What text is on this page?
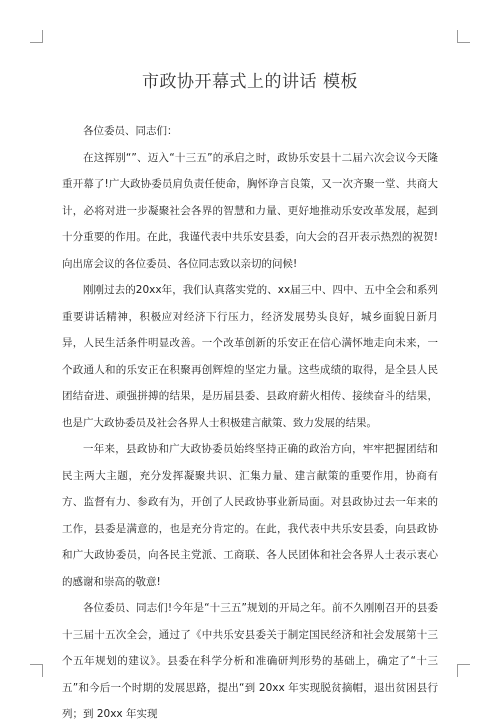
市政协开幕式上的讲话 模板

各位委员、同志们：

在这挥别“”、迈入“十三五”的承启之时，政协乐安县十二届六次会议今天隆重开幕了!广大政协委员肩负责任使命，胸怀诤言良策，又一次齐聚一堂、共商大计，必将对进一步凝聚社会各界的智慧和力量、更好地推动乐安改革发展，起到十分重要的作用。在此，我谨代表中共乐安县委，向大会的召开表示热烈的祝贺!向出席会议的各位委员、各位同志致以亲切的问候!

刚刚过去的20xx年，我们认真落实党的、xx届三中、四中、五中全会和系列重要讲话精神，积极应对经济下行压力，经济发展势头良好，城乡面貌日新月异，人民生活条件明显改善。一个改革创新的乐安正在信心满怀地走向未来，一个政通人和的乐安正在积聚再创辉煌的坚定力量。这些成绩的取得，是全县人民团结奋进、顽强拼搏的结果，是历届县委、县政府薪火相传、接续奋斗的结果，也是广大政协委员及社会各界人士积极建言献策、致力发展的结果。

一年来，县政协和广大政协委员始终坚持正确的政治方向，牢牢把握团结和民主两大主题，充分发挥凝聚共识、汇集力量、建言献策的重要作用，协商有方、监督有力、参政有为，开创了人民政协事业新局面。对县政协过去一年来的工作，县委是满意的，也是充分肯定的。在此，我代表中共乐安县委，向县政协和广大政协委员，向各民主党派、工商联、各人民团体和社会各界人士表示衷心的感谢和崇高的敬意!

各位委员、同志们!今年是“十三五”规划的开局之年。前不久刚刚召开的县委十三届十五次全会，通过了《中共乐安县委关于制定国民经济和社会发展第十三个五年规划的建议》。县委在科学分析和准确研判形势的基础上，确定了“十三五”和今后一个时期的发展思路，提出“到 20xx 年实现脱贫摘帽，退出贫困县行列；到 20xx 年实现
